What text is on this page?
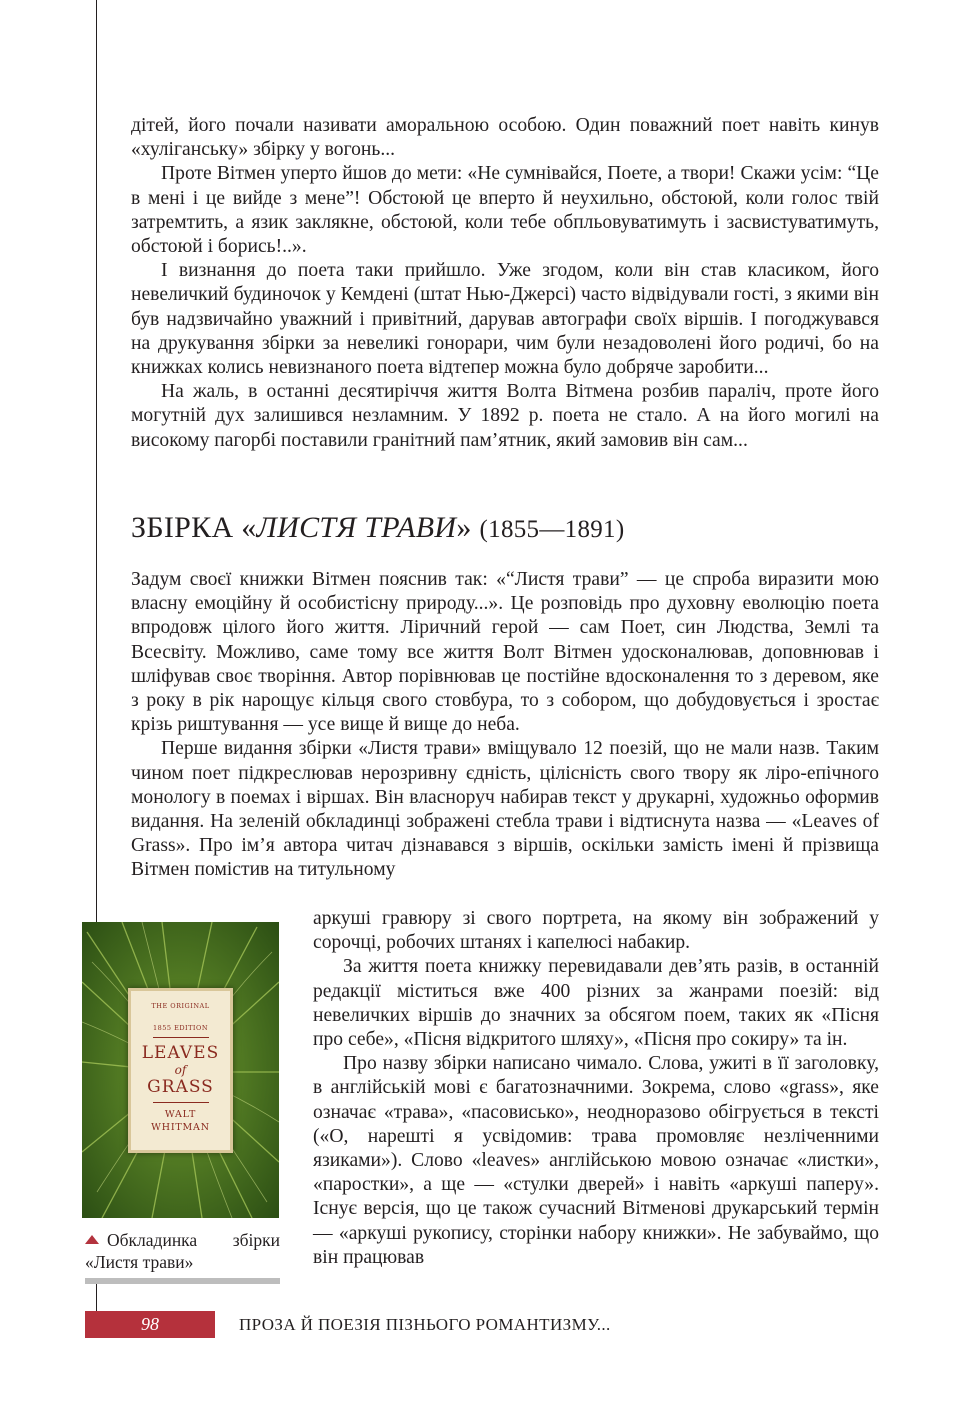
дітей, його почали називати аморальною особою. Один поважний поет навіть кинув «хуліганську» збірку у вогонь...

Проте Вітмен уперто йшов до мети: «Не сумнівайся, Поете, а твори! Скажи усім: “Це в мені і це вийде з мене”! Обстоюй це вперто й неухильно, обстоюй, коли голос твій затремтить, а язик заклякне, обстоюй, коли тебе обпльовуватимуть і засвистуватимуть, обстоюй і борись!..».

І визнання до поета таки прийшло. Уже згодом, коли він став класиком, його невеличкий будиночок у Кемдені (штат Нью-Джерсі) часто відвідували гості, з якими він був надзвичайно уважний і привітний, дарував автографи своїх віршів. І погоджувався на друкування збірки за невеликі гонорари, чим були незадоволені його родичі, бо на книжках колись невизнаного поета відтепер можна було добряче заробити...

На жаль, в останні десятиріччя життя Волта Вітмена розбив параліч, проте його могутній дух залишився незламним. У 1892 р. поета не стало. А на його могилі на високому пагорбі поставили гранітний пам’ятник, який замовив він сам...

ЗБІРКА «ЛИСТЯ ТРАВИ» (1855—1891)

Задум своєї книжки Вітмен пояснив так: «“Листя трави” — це спроба виразити мою власну емоційну й особистісну природу...». Це розповідь про духовну еволюцію поета впродовж цілого його життя. Ліричний герой — сам Поет, син Людства, Землі та Всесвіту. Можливо, саме тому все життя Волт Вітмен удосконалював, доповнював і шліфував своє творіння. Автор порівнював це постійне вдосконалення то з деревом, яке з року в рік нарощує кільця свого стовбура, то з собором, що добудовується і зростає крізь риштування — усе вище й вище до неба.

Перше видання збірки «Листя трави» вміщувало 12 поезій, що не мали назв. Таким чином поет підкреслював нерозривну єдність, цілісність свого твору як ліро-епічного монологу в поемах і віршах. Він власноруч набирав текст у друкарні, художньо оформив видання. На зеленій обкладинці зображені стебла трави і відтиснута назва — «Leaves of Grass». Про ім’я автора читач дізнавався з віршів, оскільки замість імені й прізвища Вітмен помістив на титульному

аркуші гравюру зі свого портрета, на якому він зображений у сорочці, робочих штанях і капелюсі набакир.

За життя поета книжку перевидавали дев’ять разів, в останній редакції міститься вже 400 різних за жанрами поезій: від невеличких віршів до значних за обсягом поем, таких як «Пісня про себе», «Пісня відкритого шляху», «Пісня про сокиру» та ін.

Про назву збірки написано чимало. Слова, ужиті в її заголовку, в англійській мові є багатозначними. Зокрема, слово «grass», яке означає «трава», «пасовисько», неодноразово обігрується в тексті («О, нарешті я усвідомив: трава промовляє незліченними язиками»). Слово «leaves» англійською мовою означає «листки», «паростки», а ще — «стулки дверей» і навіть «аркуші паперу». Існує версія, що це також сучасний Вітменові друкарський термін — «аркуші рукопису, сторінки набору книжки». Не забуваймо, що він працював

THE ORIGINAL
1855 EDITION
LEAVES
of
GRASS
WALT
WHITMAN
Обкладинка збірки «Листя трави»
98	ПРОЗА Й ПОЕЗІЯ ПІЗНЬОГО РОМАНТИЗМУ...
